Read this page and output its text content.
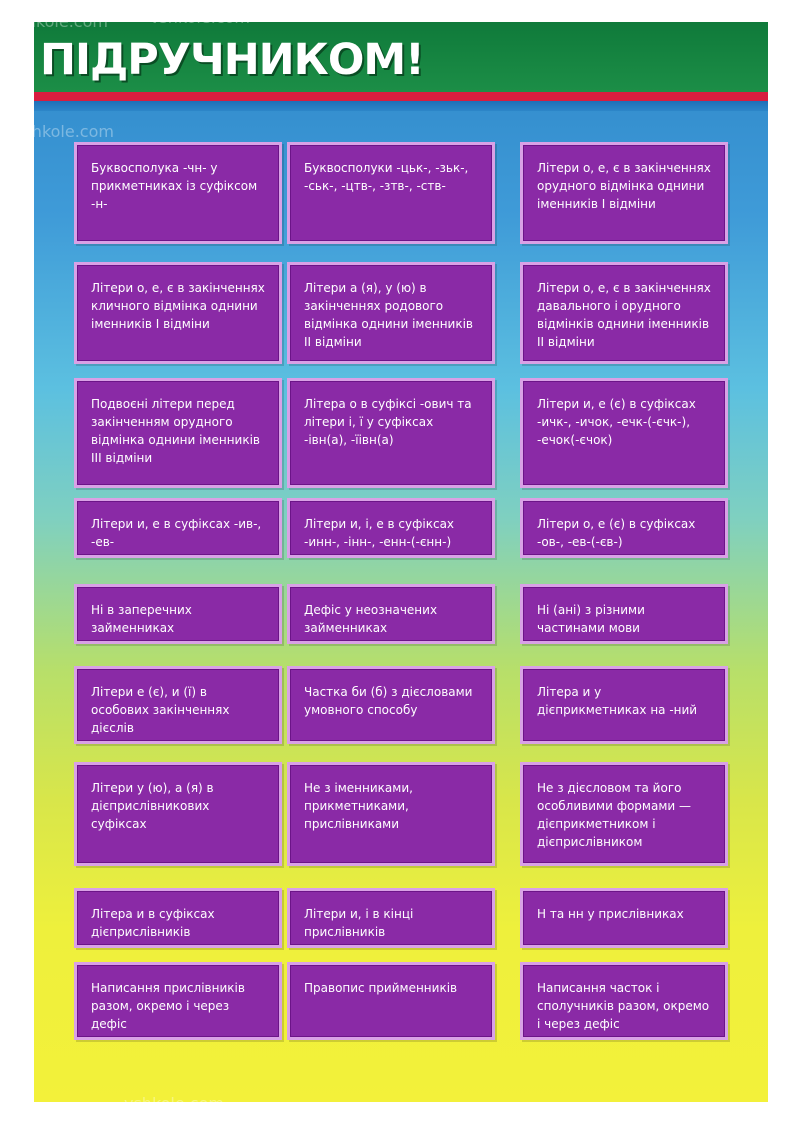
ПІДРУЧНИКОМ!
Буквосполука -чн- у прикметниках із суфіксом -н-
Буквосполуки -цьк-, -зьк-, -ськ-, -цтв-, -зтв-, -ств-
Літери о, е, є в закінченнях орудного відмінка однини іменників І відміни
Літери о, е, є в закінченнях кличного відмінка однини іменників І відміни
Літери а (я), у (ю) в закінченнях родового відмінка однини іменників ІІ відміни
Літери о, е, є в закінченнях давального і орудного відмінків однини іменників ІІ відміни
Подвоєні літери перед закінченням орудного відмінка однини іменників ІІІ відміни
Літера о в суфіксі -ович та літери і, ї у суфіксах -івн(а), -їівн(а)
Літери и, е (є) в суфіксах -ичк-, -ичок, -ечк-(-єчк-), -ечок(-єчок)
Літери и, е в суфіксах -ив-, -ев-
Літери и, і, е в суфіксах -инн-, -інн-, -енн-(-єнн-)
Літери о, е (є) в суфіксах -ов-, -ев-(-єв-)
Ні в заперечних займенниках
Дефіс у неозначених займенниках
Ні (ані) з різними частинами мови
Літери е (є), и (ї) в особових закінченнях дієслів
Частка би (б) з дієсловами умовного способу
Літера и у дієприкметниках на -ний
Літери у (ю), а (я) в дієприслівникових суфіксах
Не з іменниками, прикметниками, прислівниками
Не з дієсловом та його особливими формами — дієприкметником і дієприслівником
Літера и в суфіксах дієприслівників
Літери и, і в кінці прислівників
Н та нн у прислівниках
Написання прислівників разом, окремо і через дефіс
Правопис прийменників	Написання часток і сполучників разом, окремо і через дефіс
vshkole.com	vshkole.com
vshkole.com
vshkole.com
vshkole.com
